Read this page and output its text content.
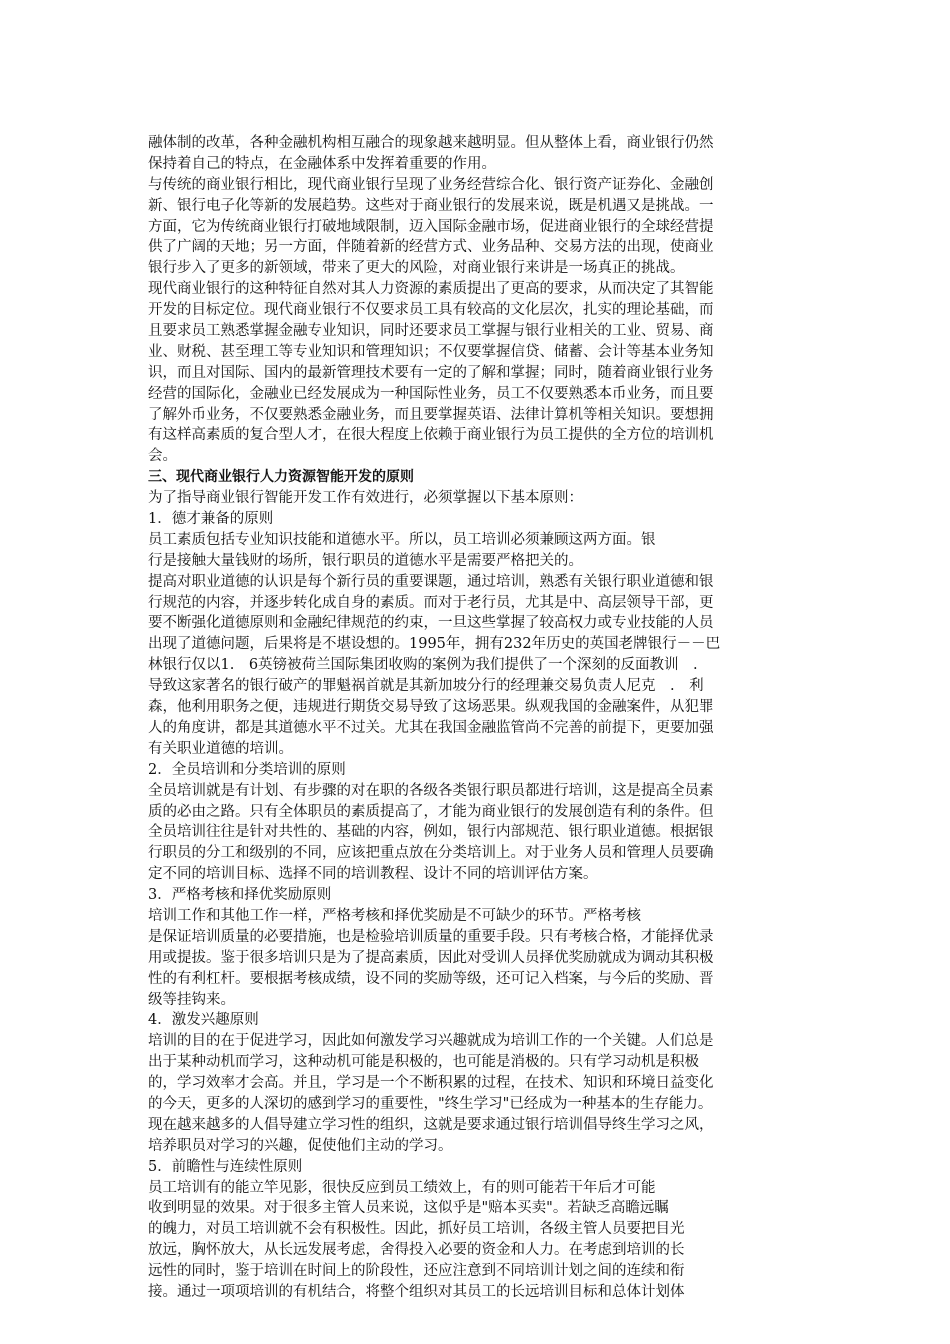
融体制的改革，各种金融机构相互融合的现象越来越明显。但从整体上看，商业银行仍然
保持着自己的特点，在金融体系中发挥着重要的作用。
与传统的商业银行相比，现代商业银行呈现了业务经营综合化、银行资产证券化、金融创
新、银行电子化等新的发展趋势。这些对于商业银行的发展来说，既是机遇又是挑战。一
方面，它为传统商业银行打破地域限制，迈入国际金融市场，促进商业银行的全球经营提
供了广阔的天地；另一方面，伴随着新的经营方式、业务品种、交易方法的出现，使商业
银行步入了更多的新领域，带来了更大的风险，对商业银行来讲是一场真正的挑战。
现代商业银行的这种特征自然对其人力资源的素质提出了更高的要求，从而决定了其智能
开发的目标定位。现代商业银行不仅要求员工具有较高的文化层次，扎实的理论基础，而
且要求员工熟悉掌握金融专业知识，同时还要求员工掌握与银行业相关的工业、贸易、商
业、财税、甚至理工等专业知识和管理知识；不仅要掌握信贷、储蓄、会计等基本业务知
识，而且对国际、国内的最新管理技术要有一定的了解和掌握；同时，随着商业银行业务
经营的国际化，金融业已经发展成为一种国际性业务，员工不仅要熟悉本币业务，而且要
了解外币业务，不仅要熟悉金融业务，而且要掌握英语、法律计算机等相关知识。要想拥
有这样高素质的复合型人才，在很大程度上依赖于商业银行为员工提供的全方位的培训机
会。
三、现代商业银行人力资源智能开发的原则
为了指导商业银行智能开发工作有效进行，必须掌握以下基本原则：
1．德才兼备的原则
员工素质包括专业知识技能和道德水平。所以，员工培训必须兼顾这两方面。银
行是接触大量钱财的场所，银行职员的道德水平是需要严格把关的。
提高对职业道德的认识是每个新行员的重要课题，通过培训，熟悉有关银行职业道德和银
行规范的内容，并逐步转化成自身的素质。而对于老行员，尤其是中、高层领导干部，更
要不断强化道德原则和金融纪律规范的约束，一旦这些掌握了较高权力或专业技能的人员
出现了道德问题，后果将是不堪设想的。1995年，拥有232年历史的英国老牌银行－－巴
林银行仅以1.　6英镑被荷兰国际集团收购的案例为我们提供了一个深刻的反面教训　.
导致这家著名的银行破产的罪魁祸首就是其新加坡分行的经理兼交易负责人尼克　.　利
森，他利用职务之便，违规进行期货交易导致了这场恶果。纵观我国的金融案件，从犯罪
人的角度讲，都是其道德水平不过关。尤其在我国金融监管尚不完善的前提下，更要加强
有关职业道德的培训。
2．全员培训和分类培训的原则
全员培训就是有计划、有步骤的对在职的各级各类银行职员都进行培训，这是提高全员素
质的必由之路。只有全体职员的素质提高了，才能为商业银行的发展创造有利的条件。但
全员培训往往是针对共性的、基础的内容，例如，银行内部规范、银行职业道德。根据银
行职员的分工和级别的不同，应该把重点放在分类培训上。对于业务人员和管理人员要确
定不同的培训目标、选择不同的培训教程、设计不同的培训评估方案。
3．严格考核和择优奖励原则
培训工作和其他工作一样，严格考核和择优奖励是不可缺少的环节。严格考核
是保证培训质量的必要措施，也是检验培训质量的重要手段。只有考核合格，才能择优录
用或提拔。鉴于很多培训只是为了提高素质，因此对受训人员择优奖励就成为调动其积极
性的有利杠杆。要根据考核成绩，设不同的奖励等级，还可记入档案，与今后的奖励、晋
级等挂钩来。
4．激发兴趣原则
培训的目的在于促进学习，因此如何激发学习兴趣就成为培训工作的一个关键。人们总是
出于某种动机而学习，这种动机可能是积极的，也可能是消极的。只有学习动机是积极
的，学习效率才会高。并且，学习是一个不断积累的过程，在技术、知识和环境日益变化
的今天，更多的人深切的感到学习的重要性，"终生学习"已经成为一种基本的生存能力。
现在越来越多的人倡导建立学习性的组织，这就是要求通过银行培训倡导终生学习之风，
培养职员对学习的兴趣，促使他们主动的学习。
5．前瞻性与连续性原则
员工培训有的能立竿见影，很快反应到员工绩效上，有的则可能若干年后才可能
收到明显的效果。对于很多主管人员来说，这似乎是"赔本买卖"。若缺乏高瞻远瞩
的魄力，对员工培训就不会有积极性。因此，抓好员工培训，各级主管人员要把目光
放远，胸怀放大，从长远发展考虑，舍得投入必要的资金和人力。在考虑到培训的长
远性的同时，鉴于培训在时间上的阶段性，还应注意到不同培训计划之间的连续和衔
接。通过一项项培训的有机结合，将整个组织对其员工的长远培训目标和总体计划体
